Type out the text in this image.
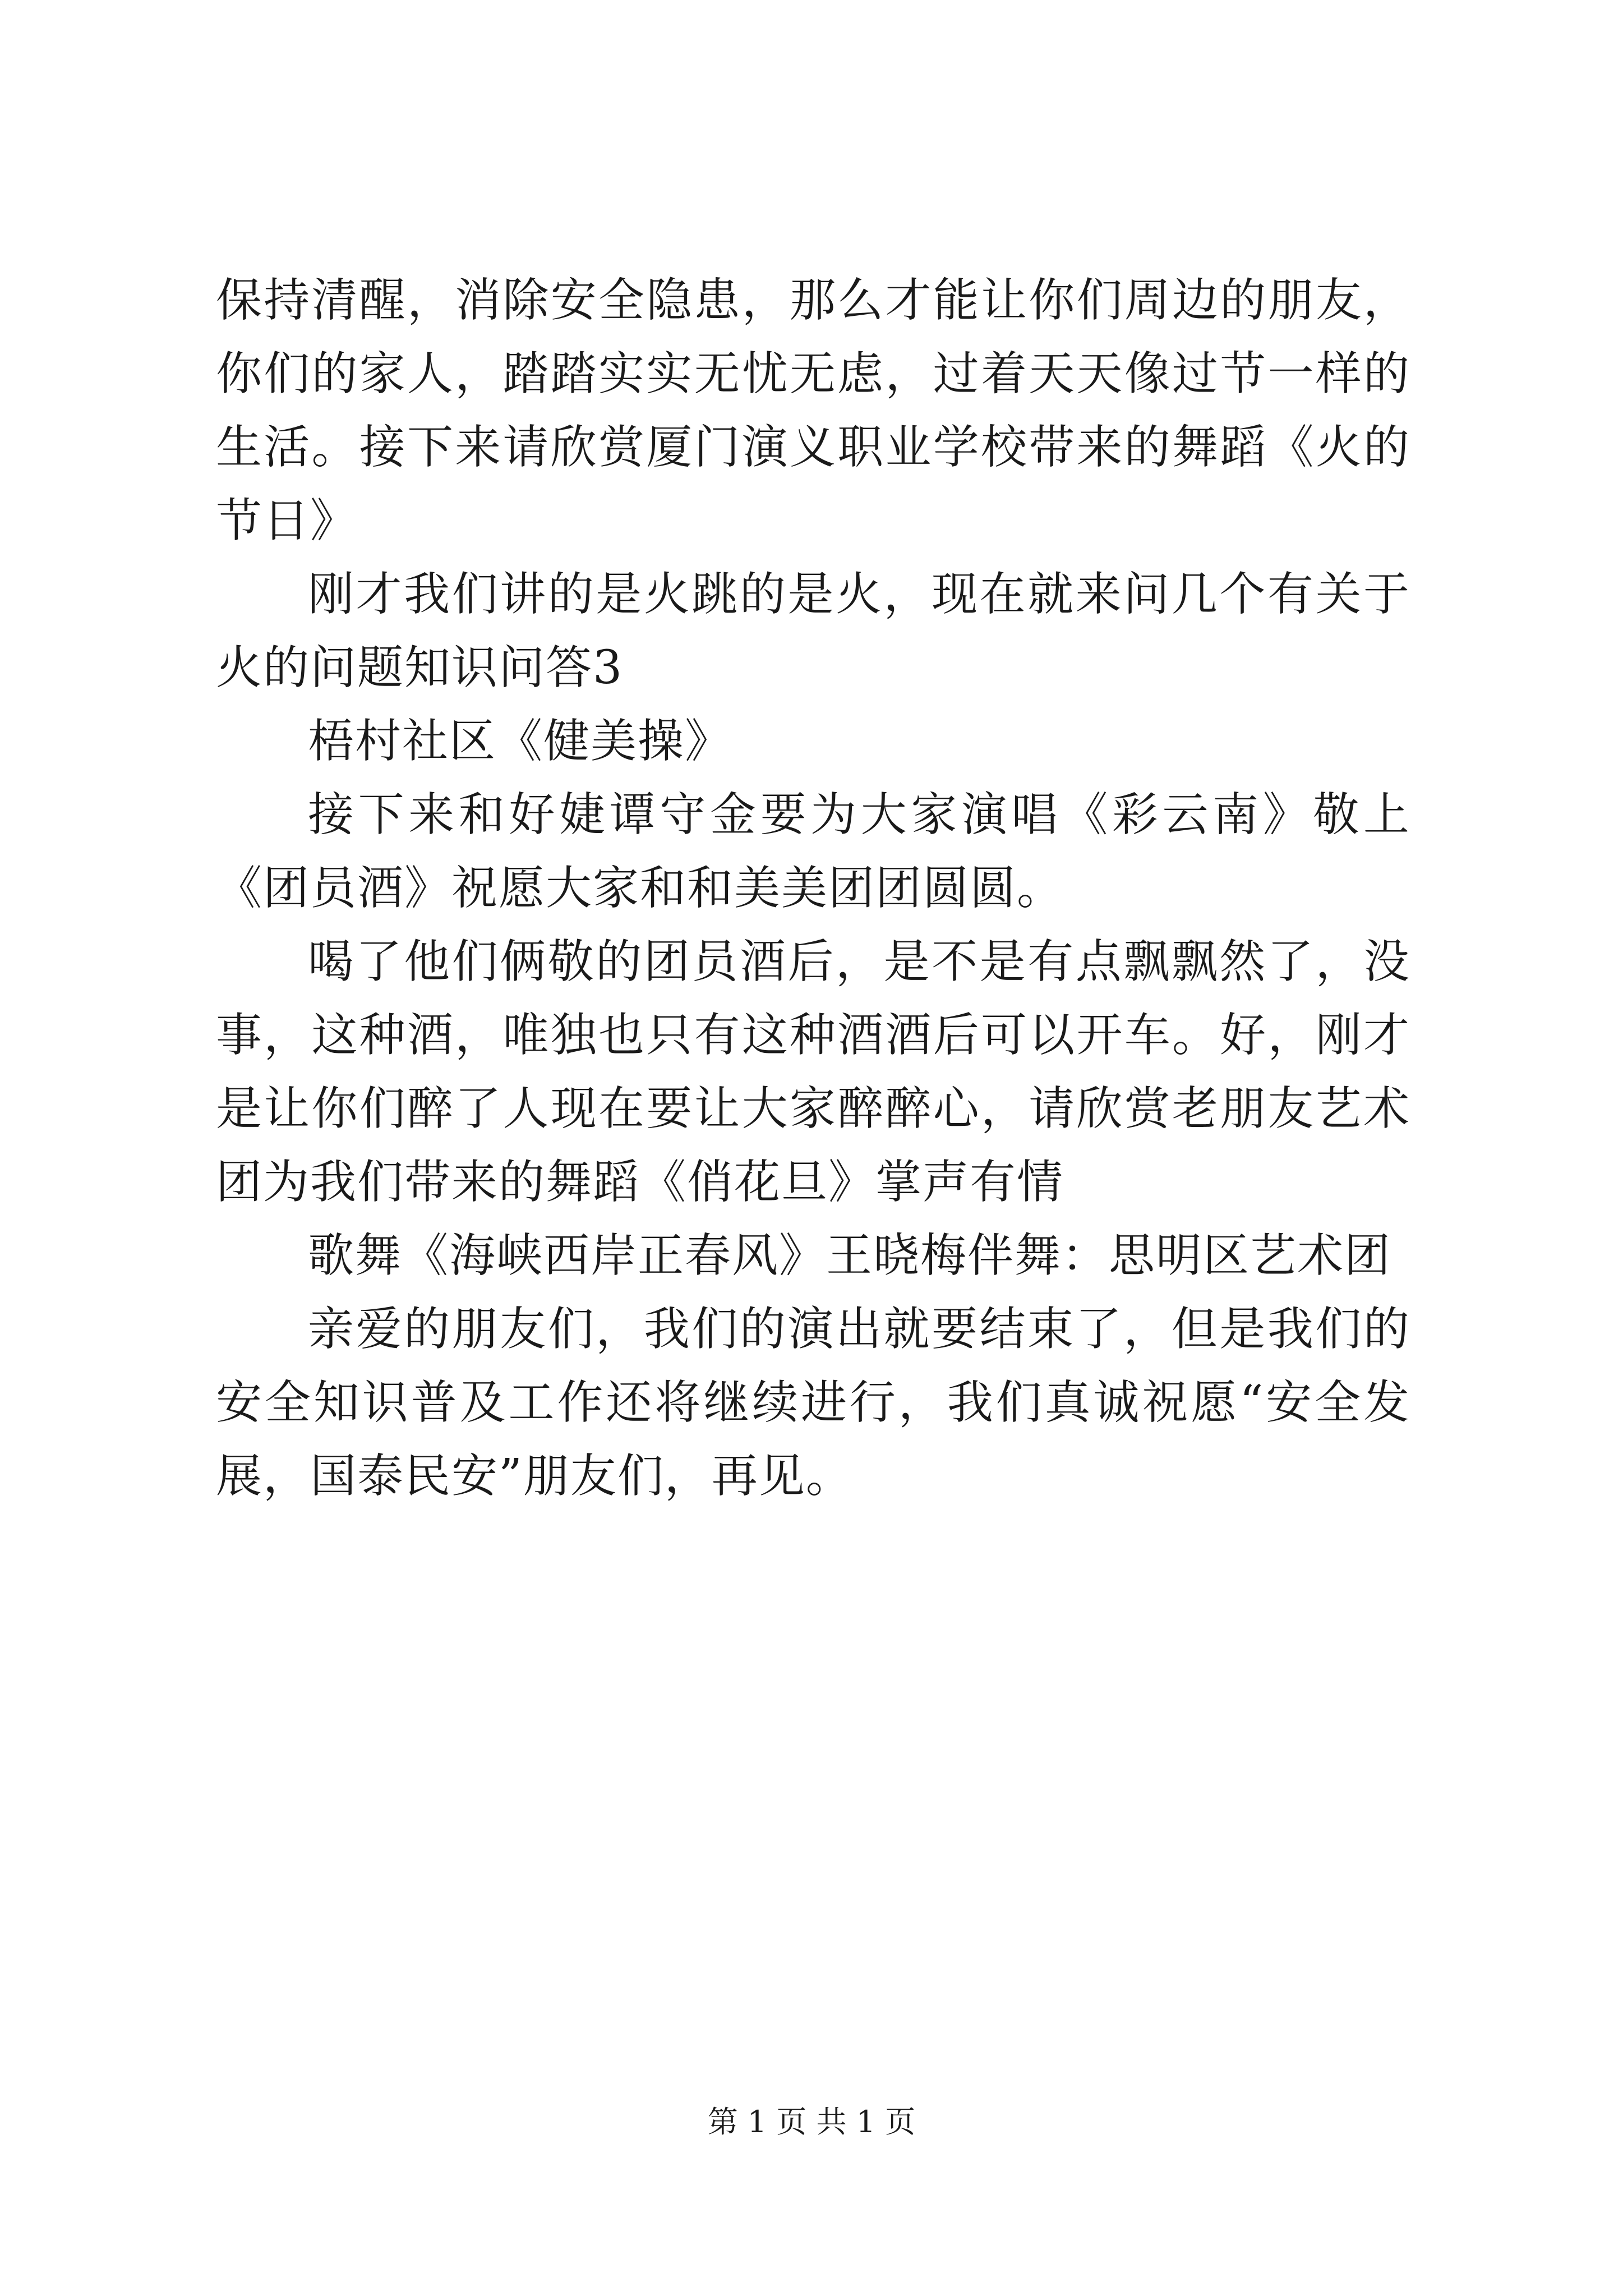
保持清醒，消除安全隐患，那么才能让你们周边的朋友，你们的家人，踏踏实实无忧无虑，过着天天像过节一样的生活。接下来请欣赏厦门演义职业学校带来的舞蹈《火的节日》

刚才我们讲的是火跳的是火，现在就来问几个有关于火的问题知识问答3

梧村社区《健美操》

接下来和好婕谭守金要为大家演唱《彩云南》敬上《团员酒》祝愿大家和和美美团团圆圆。

喝了他们俩敬的团员酒后，是不是有点飘飘然了，没事，这种酒，唯独也只有这种酒酒后可以开车。好，刚才是让你们醉了人现在要让大家醉醉心，请欣赏老朋友艺术团为我们带来的舞蹈《俏花旦》掌声有情

歌舞《海峡西岸正春风》王晓梅伴舞：思明区艺术团

亲爱的朋友们，我们的演出就要结束了，但是我们的安全知识普及工作还将继续进行，我们真诚祝愿“安全发展，国泰民安”朋友们，再见。

第 1 页 共 1 页
